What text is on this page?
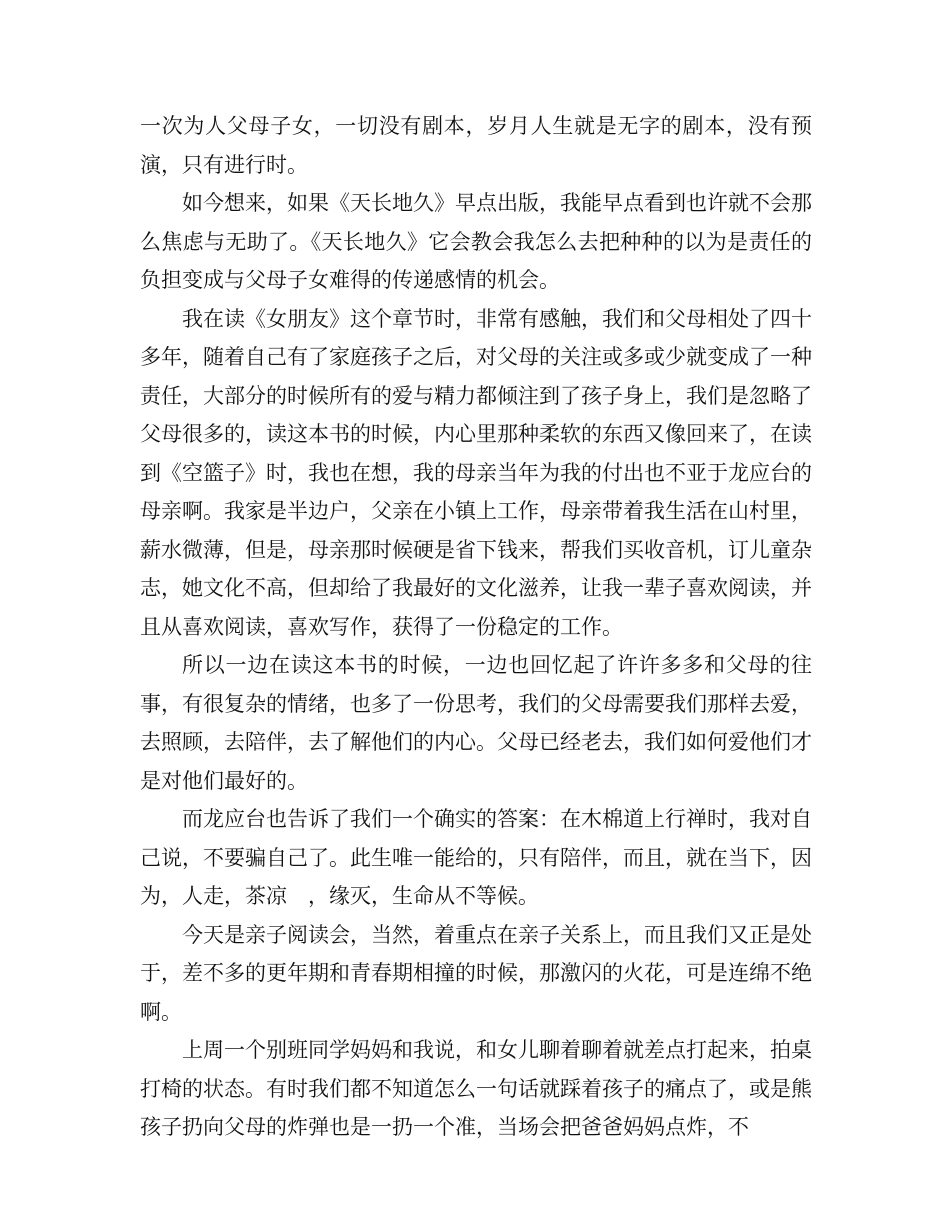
一次为人父母子女，一切没有剧本，岁月人生就是无字的剧本，没有预演，只有进行时。

如今想来，如果《天长地久》早点出版，我能早点看到也许就不会那么焦虑与无助了。《天长地久》它会教会我怎么去把种种的以为是责任的负担变成与父母子女难得的传递感情的机会。

我在读《女朋友》这个章节时，非常有感触，我们和父母相处了四十多年，随着自己有了家庭孩子之后，对父母的关注或多或少就变成了一种责任，大部分的时候所有的爱与精力都倾注到了孩子身上，我们是忽略了父母很多的，读这本书的时候，内心里那种柔软的东西又像回来了，在读到《空篮子》时，我也在想，我的母亲当年为我的付出也不亚于龙应台的母亲啊。我家是半边户，父亲在小镇上工作，母亲带着我生活在山村里，薪水微薄，但是，母亲那时候硬是省下钱来，帮我们买收音机，订儿童杂志，她文化不高，但却给了我最好的文化滋养，让我一辈子喜欢阅读，并且从喜欢阅读，喜欢写作，获得了一份稳定的工作。

所以一边在读这本书的时候，一边也回忆起了许许多多和父母的往事，有很复杂的情绪，也多了一份思考，我们的父母需要我们那样去爱，去照顾，去陪伴，去了解他们的内心。父母已经老去，我们如何爱他们才是对他们最好的。

而龙应台也告诉了我们一个确实的答案：在木棉道上行禅时，我对自己说，不要骗自己了。此生唯一能给的，只有陪伴，而且，就在当下，因为，人走，茶凉　，缘灭，生命从不等候。

今天是亲子阅读会，当然，着重点在亲子关系上，而且我们又正是处于，差不多的更年期和青春期相撞的时候，那激闪的火花，可是连绵不绝啊。

上周一个别班同学妈妈和我说，和女儿聊着聊着就差点打起来，拍桌打椅的状态。有时我们都不知道怎么一句话就踩着孩子的痛点了，或是熊孩子扔向父母的炸弹也是一扔一个准，当场会把爸爸妈妈点炸，不
